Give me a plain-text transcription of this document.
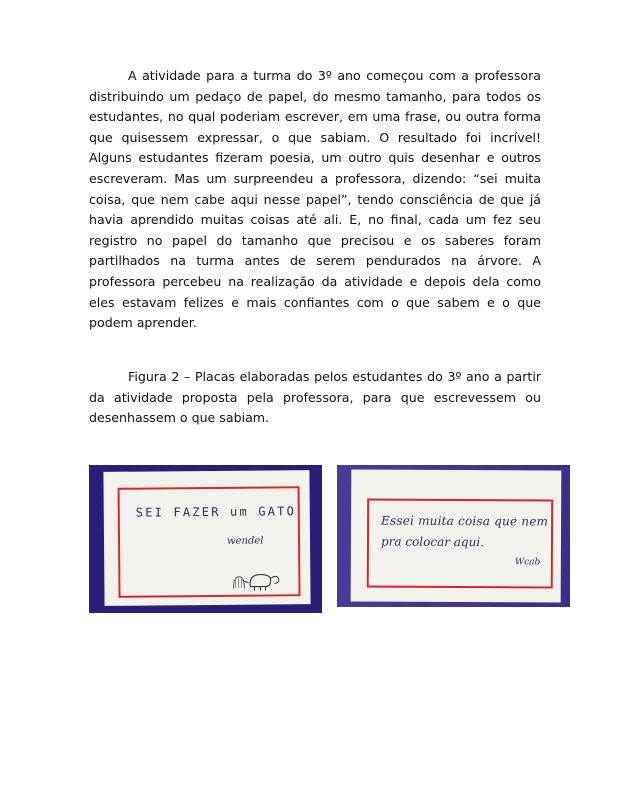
A atividade para a turma do 3º ano começou com a professora distribuindo um pedaço de papel, do mesmo tamanho, para todos os estudantes, no qual poderiam escrever, em uma frase, ou outra forma que quisessem expressar, o que sabiam. O resultado foi incrível! Alguns estudantes fizeram poesia, um outro quis desenhar e outros escreveram. Mas um surpreendeu a professora, dizendo: “sei muita coisa, que nem cabe aqui nesse papel”, tendo consciência de que já havia aprendido muitas coisas até ali. E, no final, cada um fez seu registro no papel do tamanho que precisou e os saberes foram partilhados na turma antes de serem pendurados na árvore. A professora percebeu na realização da atividade e depois dela como eles estavam felizes e mais confiantes com o que sabem e o que podem aprender.

Figura 2 – Placas elaboradas pelos estudantes do 3º ano a partir da atividade proposta pela professora, para que escrevessem ou desenhassem o que sabiam.

SEI FAZER um GATO
wendel
Essei muita coisa que nem
pra colocar aqui.
Wcab
